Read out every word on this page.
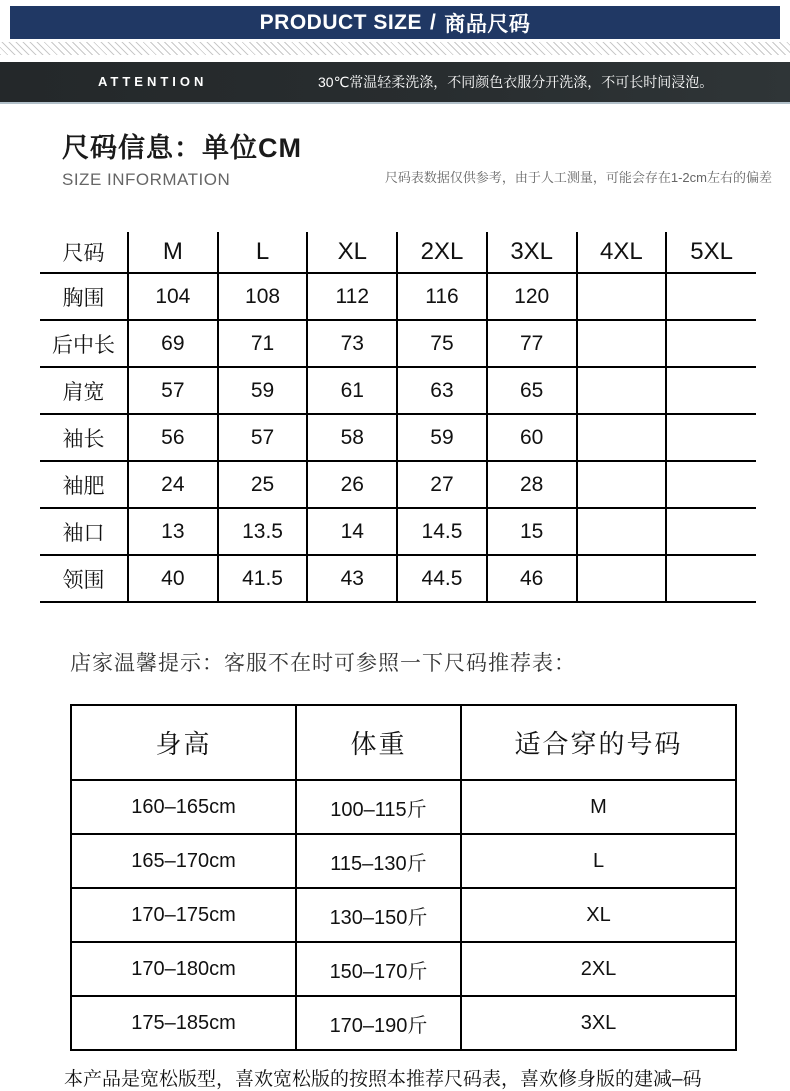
PRODUCT SIZE / 商品尺码
ATTENTION	30℃常温轻柔洗涤，不同颜色衣服分开洗涤，不可长时间浸泡。
尺码信息：单位CM
SIZE INFORMATION	尺码表数据仅供参考，由于人工测量，可能会存在1-2cm左右的偏差
尺码	M	L	XL	2XL	3XL	4XL	5XL
胸围	104	108	112	116	120		
后中长	69	71	73	75	77		
肩宽	57	59	61	63	65		
袖长	56	57	58	59	60		
袖肥	24	25	26	27	28		
袖口	13	13.5	14	14.5	15		
领围	40	41.5	43	44.5	46		
店家温馨提示：客服不在时可参照一下尺码推荐表：
身高	体重	适合穿的号码
160–165cm	100–115斤	M
165–170cm	115–130斤	L
170–175cm	130–150斤	XL
170–180cm	150–170斤	2XL
175–185cm	170–190斤	3XL
本产品是宽松版型，喜欢宽松版的按照本推荐尺码表，喜欢修身版的建减–码
